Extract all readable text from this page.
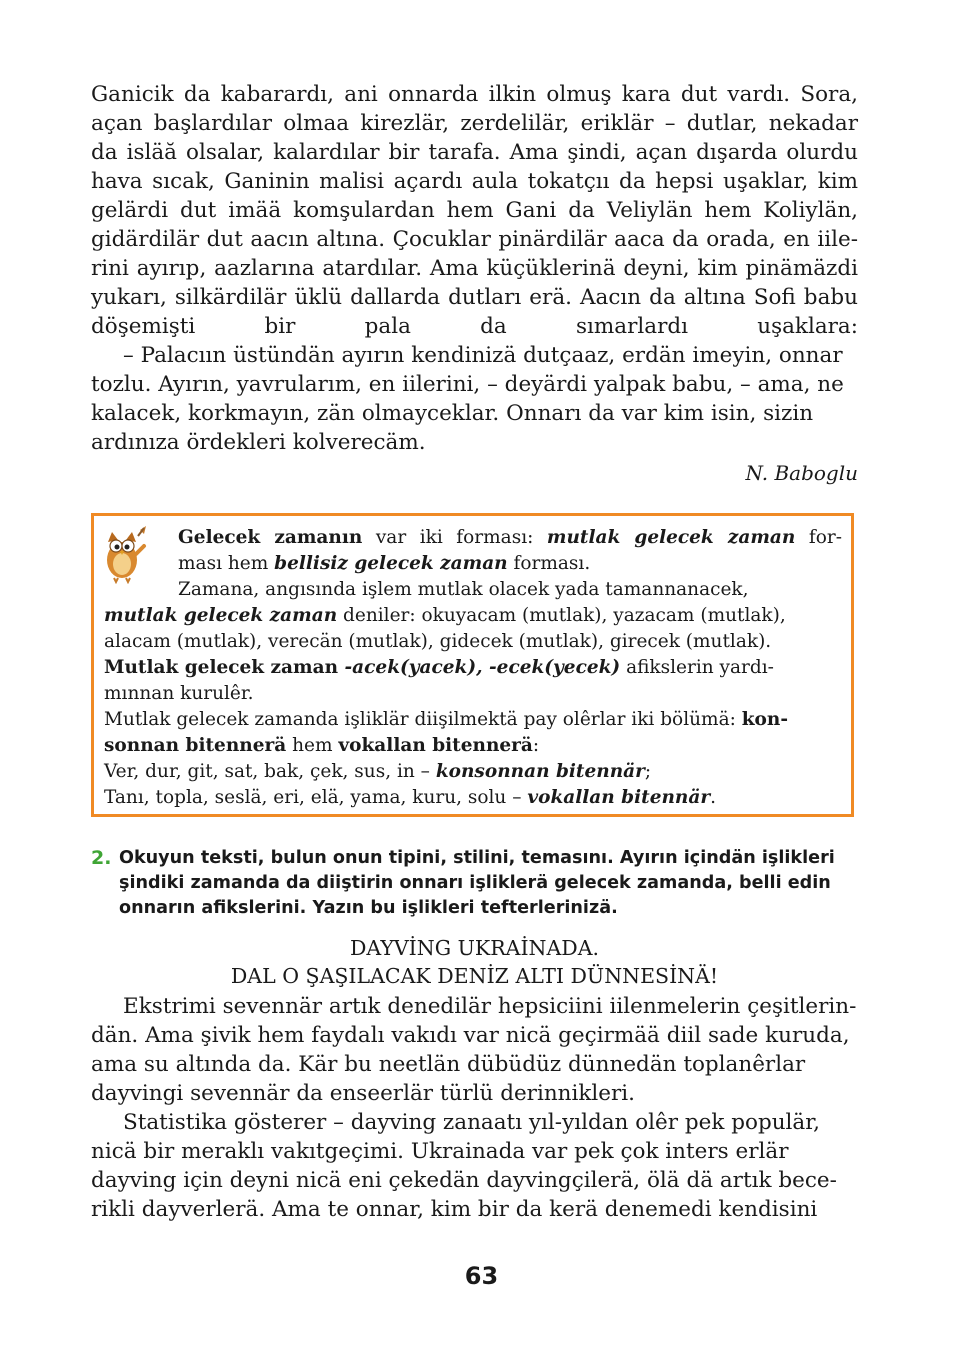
Ganicik da kabarardı, ani onnarda ilkin olmuş kara dut vardı. Sora,
açan başlardılar olmaa kirezlär, zerdelilär, eriklär – dutlar, nekadar
da isläă olsalar, kalardılar bir tarafa. Ama şindi, açan dışarda olurdu
hava sıcak, Ganinin malisi açardı aula tokatçıı da hepsi uşaklar, kim
gelärdi dut imää komşulardan hem Gani da Veliylän hem Koliylän,
gidärdilär dut aacın altına. Çocuklar pinärdilär aaca da orada, en iile-
rini ayırıp, aazlarına atardılar. Ama küçüklerinä deyni, kim pinämäzdi
yukarı, silkärdilär üklü dallarda dutları erä. Aacın da altına Sofi babu
döşemişti bir pala da sımarlardı uşaklara:

– Palacıın üstündän ayırın kendinizä dutçaaz, erdän imeyin, onnar
tozlu. Ayırın, yavrularım, en iilerini, – deyärdi yalpak babu, – ama, ne
kalacek, korkmayın, zän olmayceklar. Onnarı da var kim isin, sizin
ardınıza ördekleri kolverecäm.

N. Baboglu
Gelecek zamanın var iki forması: mutlak gelecek zaman for-
ması hem bellisiz gelecek zaman forması.
Zamana, angısında işlem mutlak olacek yada tamannanacek,
mutlak gelecek zaman deniler: okuyacam (mutlak), yazacam (mutlak),
alacam (mutlak), verecän (mutlak), gidecek (mutlak), girecek (mutlak).
Mutlak gelecek zaman -acek(yacek), -ecek(yecek) afikslerin yardı-
mınnan kurulêr.
Mutlak gelecek zamanda işliklär diişilmektä pay olêrlar iki bölümä: kon-
sonnan bitennerä hem vokallan bitennerä:
Ver, dur, git, sat, bak, çek, sus, in – konsonnan bitennär;
Tanı, topla, seslä, eri, elä, yama, kuru, solu – vokallan bitennär.
2. Okuyun teksti, bulun onun tipini, stilini, temasını. Ayırın içindän işlikleri
şindiki zamanda da diiştirin onnarı işliklerä gelecek zamanda, belli edin
onnarın afikslerini. Yazın bu işlikleri tefterlerinizä.
DAYVİNG UKRAİNADA.
DAL O ŞAŞILACAK DENİZ ALTI DÜNNESİNÄ!
Ekstrimi sevennär artık denedilär hepsiciini iilenmelerin çeşitlerin-
dän. Ama şivik hem faydalı vakıdı var nicä geçirmää diil sade kuruda,
ama su altında da. Kär bu neetlän dübüdüz dünnedän toplanêrlar
dayvingi sevennär da enseerlär türlü derinnikleri.
Statistika gösterer – dayving zanaatı yıl-yıldan olêr pek populär,
nicä bir meraklı vakıtgeçimi. Ukrainada var pek çok inters erlär
dayving için deyni nicä eni çekedän dayvingçilerä, ölä dä artık bece-
rikli dayverlerä. Ama te onnar, kim bir da kerä denemedi kendisini
63
